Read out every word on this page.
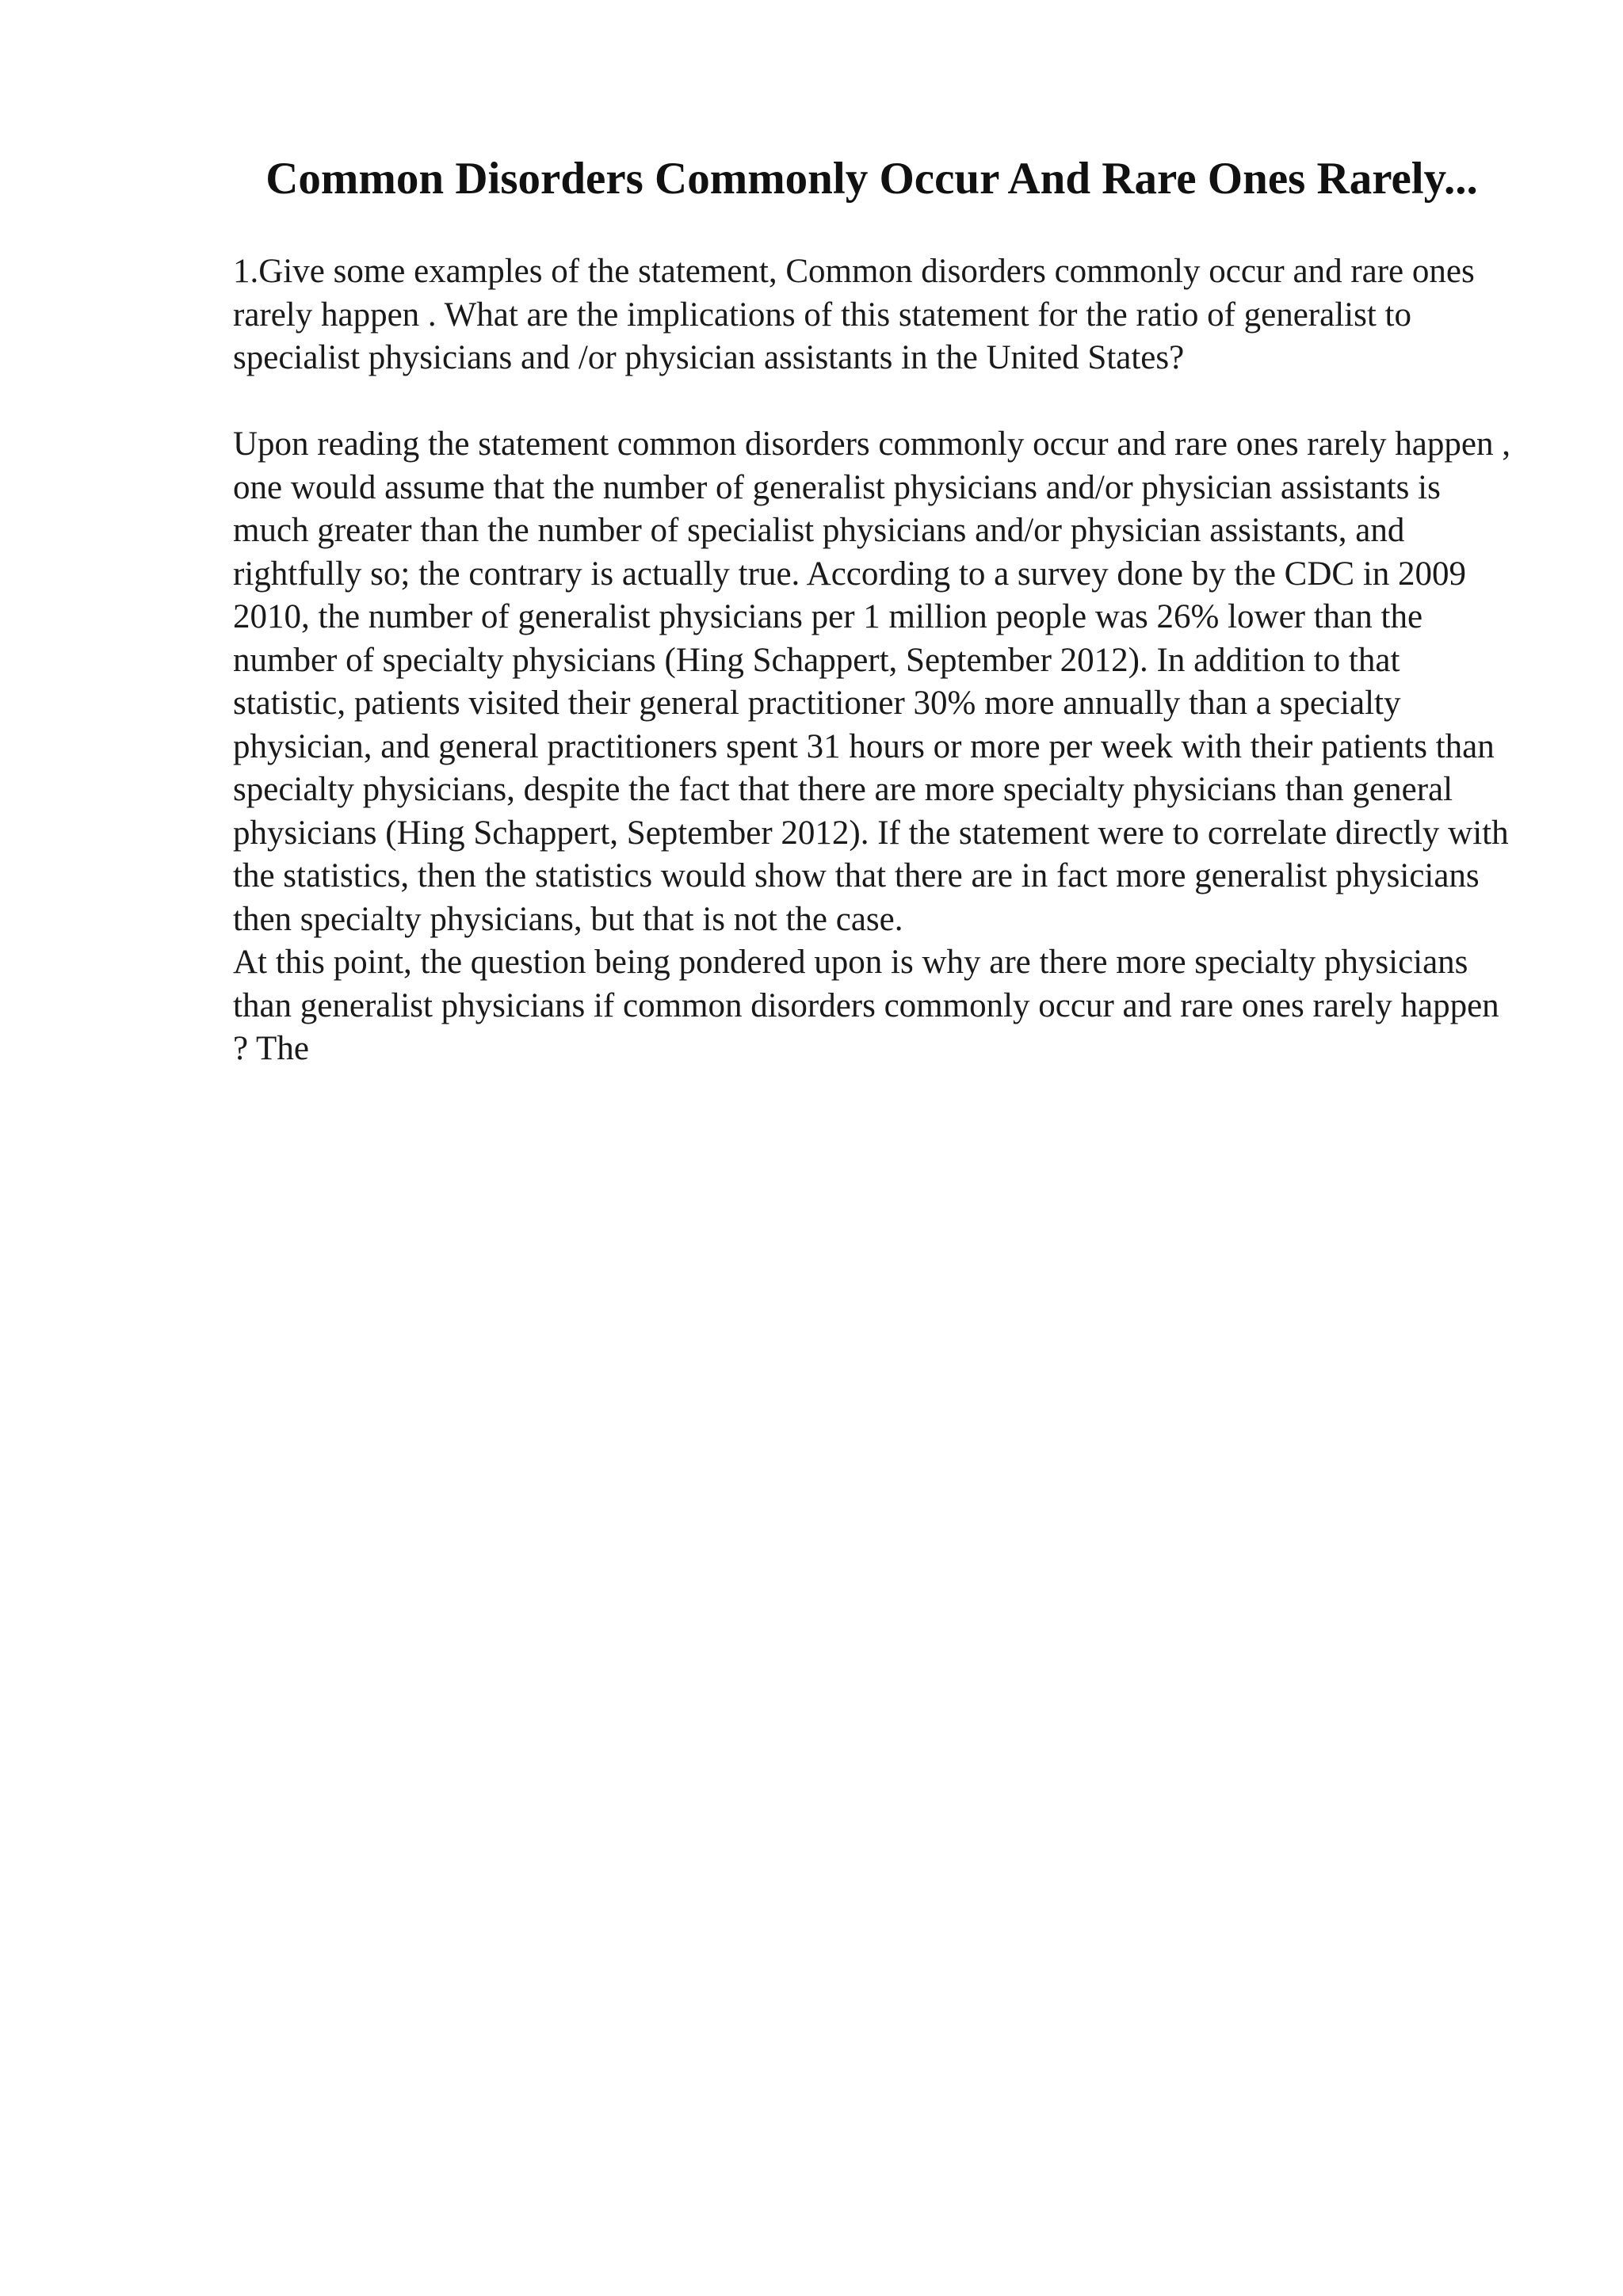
Common Disorders Commonly Occur And Rare Ones Rarely...

1.Give some examples of the statement, Common disorders commonly occur and rare ones rarely happen . What are the implications of this statement for the ratio of generalist to specialist physicians and /or physician assistants in the United States?

Upon reading the statement common disorders commonly occur and rare ones rarely happen , one would assume that the number of generalist physicians and/or physician assistants is much greater than the number of specialist physicians and/or physician assistants, and rightfully so; the contrary is actually true. According to a survey done by the CDC in 2009 2010, the number of generalist physicians per 1 million people was 26% lower than the number of specialty physicians (Hing Schappert, September 2012). In addition to that statistic, patients visited their general practitioner 30% more annually than a specialty physician, and general practitioners spent 31 hours or more per week with their patients than specialty physicians, despite the fact that there are more specialty physicians than general physicians (Hing Schappert, September 2012). If the statement were to correlate directly with the statistics, then the statistics would show that there are in fact more generalist physicians then specialty physicians, but that is not the case.

At this point, the question being pondered upon is why are there more specialty physicians than generalist physicians if common disorders commonly occur and rare ones rarely happen ? The
